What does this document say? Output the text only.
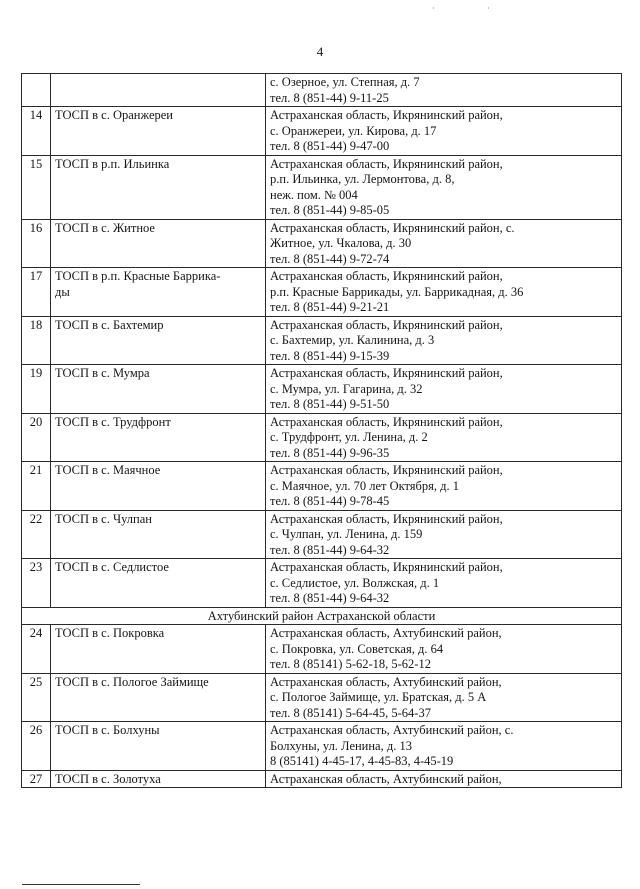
·	·
4

		с. Озерное, ул. Степная, д. 7
тел. 8 (851-44) 9-11-25

14	ТОСП в с. Оранжереи	Астраханская область, Икрянинский район,
с. Оранжереи, ул. Кирова, д. 17
тел. 8 (851-44) 9-47-00

15	ТОСП в р.п. Ильинка	Астраханская область, Икрянинский район,
р.п. Ильинка, ул. Лермонтова, д. 8,
неж. пом. № 004
тел. 8 (851-44) 9-85-05

16	ТОСП в с. Житное	Астраханская область, Икрянинский район, с.
Житное, ул. Чкалова, д. 30
тел. 8 (851-44) 9-72-74

17	ТОСП в р.п. Красные Баррика-
ды	Астраханская область, Икрянинский район,
р.п. Красные Баррикады, ул. Баррикадная, д. 36
тел. 8 (851-44) 9-21-21

18	ТОСП в с. Бахтемир	Астраханская область, Икрянинский район,
с. Бахтемир, ул. Калинина, д. 3
тел. 8 (851-44) 9-15-39

19	ТОСП в с. Мумра	Астраханская область, Икрянинский район,
с. Мумра, ул. Гагарина, д. 32
тел. 8 (851-44) 9-51-50

20	ТОСП в с. Трудфронт	Астраханская область, Икрянинский район,
с. Трудфронт, ул. Ленина, д. 2
тел. 8 (851-44) 9-96-35

21	ТОСП в с. Маячное	Астраханская область, Икрянинский район,
с. Маячное, ул. 70 лет Октября, д. 1
тел. 8 (851-44) 9-78-45

22	ТОСП в с. Чулпан	Астраханская область, Икрянинский район,
с. Чулпан, ул. Ленина, д. 159
тел. 8 (851-44) 9-64-32

23	ТОСП в с. Седлистое	Астраханская область, Икрянинский район,
с. Седлистое, ул. Волжская, д. 1
тел. 8 (851-44) 9-64-32

Ахтубинский район Астраханской области		
24	ТОСП в с. Покровка	Астраханская область, Ахтубинский район,
с. Покровка, ул. Советская, д. 64
тел. 8 (85141) 5-62-18, 5-62-12

25	ТОСП в с. Пологое Займище	Астраханская область, Ахтубинский район,
с. Пологое Займище, ул. Братская, д. 5 А
тел. 8 (85141) 5-64-45, 5-64-37

26	ТОСП в с. Болхуны	Астраханская область, Ахтубинский район, с.
Болхуны, ул. Ленина, д. 13
8 (85141) 4-45-17, 4-45-83, 4-45-19

27	ТОСП в с. Золотуха	Астраханская область, Ахтубинский район,
